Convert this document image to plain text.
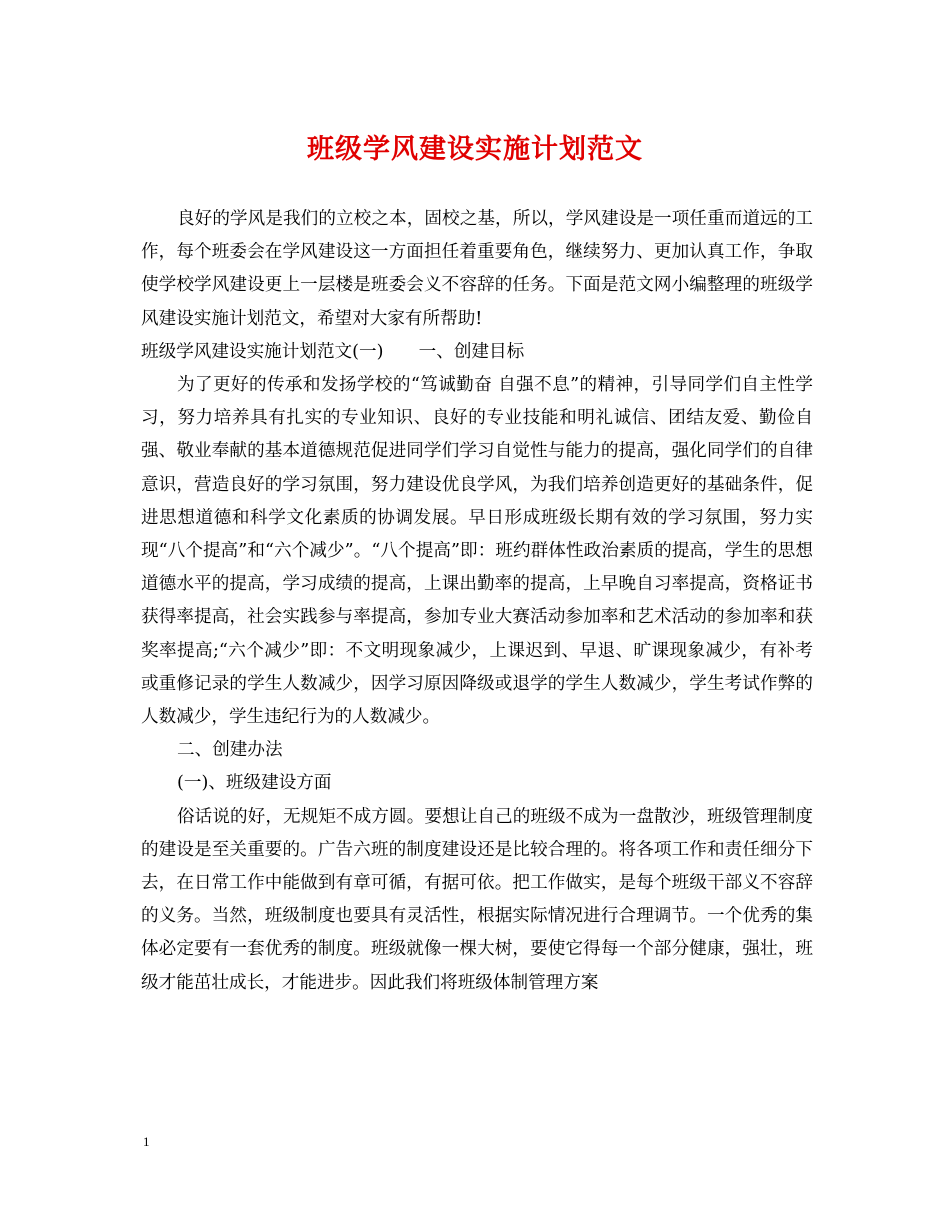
班级学风建设实施计划范文

良好的学风是我们的立校之本，固校之基，所以，学风建设是一项任重而道远的工作，每个班委会在学风建设这一方面担任着重要角色，继续努力、更加认真工作，争取使学校学风建设更上一层楼是班委会义不容辞的任务。下面是范文网小编整理的班级学风建设实施计划范文，希望对大家有所帮助!

班级学风建设实施计划范文(一)　　一、创建目标

为了更好的传承和发扬学校的“笃诚勤奋 自强不息”的精神，引导同学们自主性学习，努力培养具有扎实的专业知识、良好的专业技能和明礼诚信、团结友爱、勤俭自强、敬业奉献的基本道德规范促进同学们学习自觉性与能力的提高，强化同学们的自律意识，营造良好的学习氛围，努力建设优良学风，为我们培养创造更好的基础条件，促进思想道德和科学文化素质的协调发展。早日形成班级长期有效的学习氛围，努力实现“八个提高”和“六个减少”。“八个提高”即：班约群体性政治素质的提高，学生的思想道德水平的提高，学习成绩的提高，上课出勤率的提高，上早晚自习率提高，资格证书获得率提高，社会实践参与率提高，参加专业大赛活动参加率和艺术活动的参加率和获奖率提高;“六个减少”即：不文明现象减少，上课迟到、早退、旷课现象减少，有补考或重修记录的学生人数减少，因学习原因降级或退学的学生人数减少，学生考试作弊的人数减少，学生违纪行为的人数减少。

二、创建办法

(一)、班级建设方面

俗话说的好，无规矩不成方圆。要想让自己的班级不成为一盘散沙，班级管理制度的建设是至关重要的。广告六班的制度建设还是比较合理的。将各项工作和责任细分下去，在日常工作中能做到有章可循，有据可依。把工作做实，是每个班级干部义不容辞的义务。当然，班级制度也要具有灵活性，根据实际情况进行合理调节。一个优秀的集体必定要有一套优秀的制度。班级就像一棵大树，要使它得每一个部分健康，强壮，班级才能茁壮成长，才能进步。因此我们将班级体制管理方案

1
